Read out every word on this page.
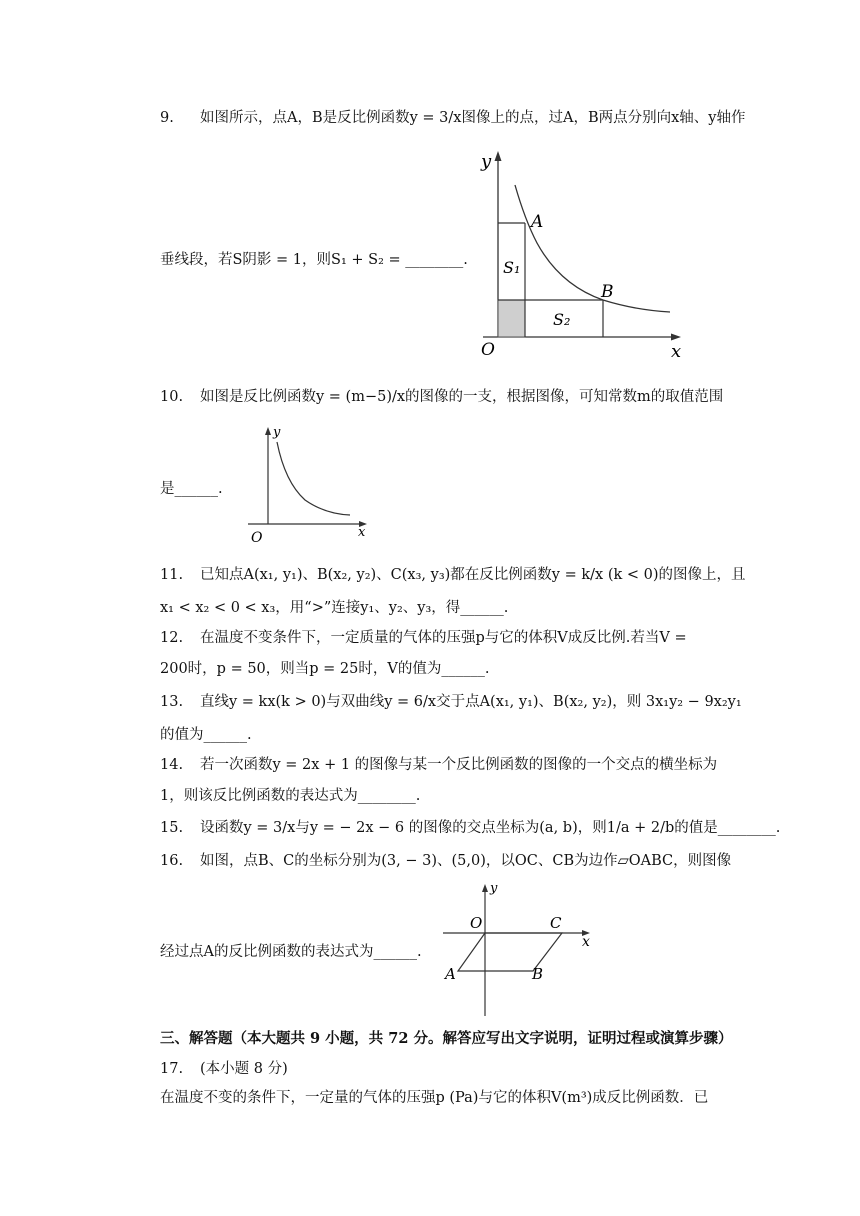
9. 如图所示，点A，B是反比例函数y = 3/x图像上的点，过A，B两点分别向x轴、y轴作
垂线段，若S阴影 = 1，则S₁ + S₂ = ________.
y
x
O
A
B
S₁
S₂
10. 如图是反比例函数y = (m−5)/x的图像的一支，根据图像，可知常数m的取值范围
是______.
y
x
O
11. 已知点A(x₁, y₁)、B(x₂, y₂)、C(x₃, y₃)都在反比例函数y = k/x (k < 0)的图像上，且
x₁ < x₂ < 0 < x₃，用“>”连接y₁、y₂、y₃，得______.
12. 在温度不变条件下，一定质量的气体的压强p与它的体积V成反比例.若当V =
200时，p = 50，则当p = 25时，V的值为______.
13. 直线y = kx(k > 0)与双曲线y = 6/x交于点A(x₁, y₁)、B(x₂, y₂)，则 3x₁y₂ − 9x₂y₁
的值为______.
14. 若一次函数y = 2x + 1 的图像与某一个反比例函数的图像的一个交点的横坐标为
1，则该反比例函数的表达式为________.
15. 设函数y = 3/x与y = − 2x − 6 的图像的交点坐标为(a, b)，则1/a + 2/b的值是________.
16. 如图，点B、C的坐标分别为(3, − 3)、(5,0)，以OC、CB为边作▱OABC，则图像
经过点A的反比例函数的表达式为______.
y
x
O	C
A	B
三、解答题（本大题共 9 小题，共 72 分。解答应写出文字说明，证明过程或演算步骤）
17. (本小题 8 分)
在温度不变的条件下，一定量的气体的压强p (Pa)与它的体积V(m³)成反比例函数．已
